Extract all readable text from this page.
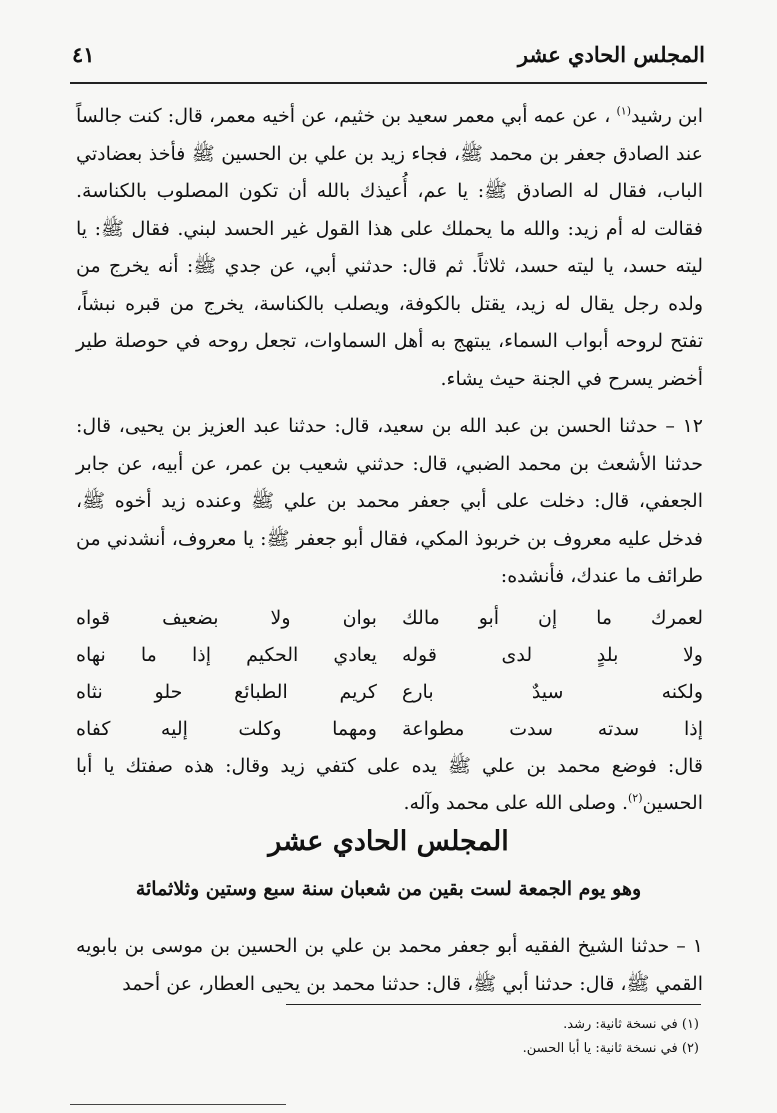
المجلس الحادي عشر
٤١

ابن رشيد$^{(١)}$ ، عن عمه أبي معمر سعيد بن خثيم، عن أخيه معمر، قال: كنت جالساً عند الصادق جعفر بن محمد ﷺ، فجاء زيد بن علي بن الحسين ﷺ فأخذ بعضادتي الباب، فقال له الصادق ﷺ: يا عم، أُعيذك بالله أن تكون المصلوب بالكناسة. فقالت له أم زيد: والله ما يحملك على هذا القول غير الحسد لبني. فقال ﷺ: يا ليته حسد، يا ليته حسد، ثلاثاً. ثم قال: حدثني أبي، عن جدي ﷺ: أنه يخرج من ولده رجل يقال له زيد، يقتل بالكوفة، ويصلب بالكناسة، يخرج من قبره نبشاً، تفتح لروحه أبواب السماء، يبتهج به أهل السماوات، تجعل روحه في حوصلة طير أخضر يسرح في الجنة حيث يشاء.

١٢ – حدثنا الحسن بن عبد الله بن سعيد، قال: حدثنا عبد العزيز بن يحيى، قال: حدثنا الأشعث بن محمد الضبي، قال: حدثني شعيب بن عمر، عن أبيه، عن جابر الجعفي، قال: دخلت على أبي جعفر محمد بن علي ﷺ وعنده زيد أخوه ﷺ، فدخل عليه معروف بن خربوذ المكي، فقال أبو جعفر ﷺ: يا معروف، أنشدني من طرائف ما عندك، فأنشده:

لعمرك ما إن أبو مالك
بوان ولا بضعيف قواه
ولا بلدٍ لدى قوله
يعادي الحكيم إذا ما نهاه
ولكنه سيدٌ بارع
كريم الطبائع حلو نثاه
إذا سدته سدت مطواعة
ومهما وكلت إليه كفاه

قال: فوضع محمد بن علي ﷺ يده على كتفي زيد وقال: هذه صفتك يا أبا الحسين$^{(٢)}$. وصلى الله على محمد وآله.

المجلس الحادي عشر
وهو يوم الجمعة لست بقين من شعبان سنة سبع وستين وثلاثمائة

١ – حدثنا الشيخ الفقيه أبو جعفر محمد بن علي بن الحسين بن موسى بن بابويه القمي ﷺ، قال: حدثنا أبي ﷺ، قال: حدثنا محمد بن يحيى العطار، عن أحمد

(١) في نسخة ثانية: رشد.
(٢) في نسخة ثانية: يا أبا الحسن.
